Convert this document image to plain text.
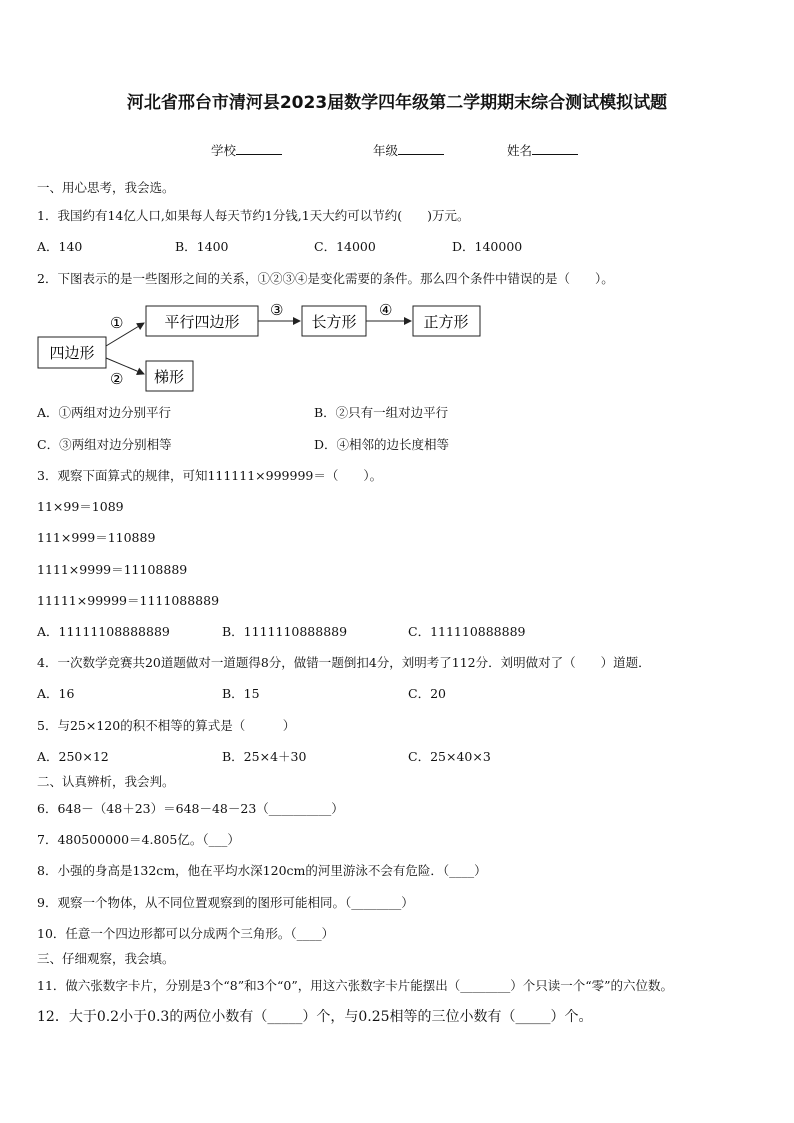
河北省邢台市清河县2023届数学四年级第二学期期末综合测试模拟试题
学校	年级	姓名
一、用心思考，我会选。
1．我国约有14亿人口,如果每人每天节约1分钱,1天大约可以节约(　　)万元。
A．140	B．1400	C．14000	D．140000
2．下图表示的是一些图形之间的关系，①②③④是变化需要的条件。那么四个条件中错误的是（　　）。
四边形
平行四边形	长方形	正方形
梯形
①
②
③	④
A．①两组对边分别平行	B．②只有一组对边平行
C．③两组对边分别相等	D．④相邻的边长度相等
3．观察下面算式的规律，可知111111×999999＝（　　）。
11×99＝1089
111×999＝110889
1111×9999＝11108889
11111×99999＝1111088889
A．11111108888889	B．1111110888889	C．111110888889
4．一次数学竞赛共20道题做对一道题得8分，做错一题倒扣4分，刘明考了112分．刘明做对了（　　）道题．
A．16	B．15	C．20
5．与25×120的积不相等的算式是（　　　）
A．250×12	B．25×4＋30	C．25×40×3
二、认真辨析，我会判。
6．648－（48＋23）＝648－48－23（__________）
7．480500000＝4.805亿。（___）
8．小强的身高是132cm，他在平均水深120cm的河里游泳不会有危险．（____）
9．观察一个物体，从不同位置观察到的图形可能相同。（________）
10．任意一个四边形都可以分成两个三角形。（____）
三、仔细观察，我会填。
11．做六张数字卡片，分别是3个“8”和3个“0”，用这六张数字卡片能摆出（________）个只读一个“零”的六位数。
12．大于0.2小于0.3的两位小数有（_____）个，与0.25相等的三位小数有（_____）个。
